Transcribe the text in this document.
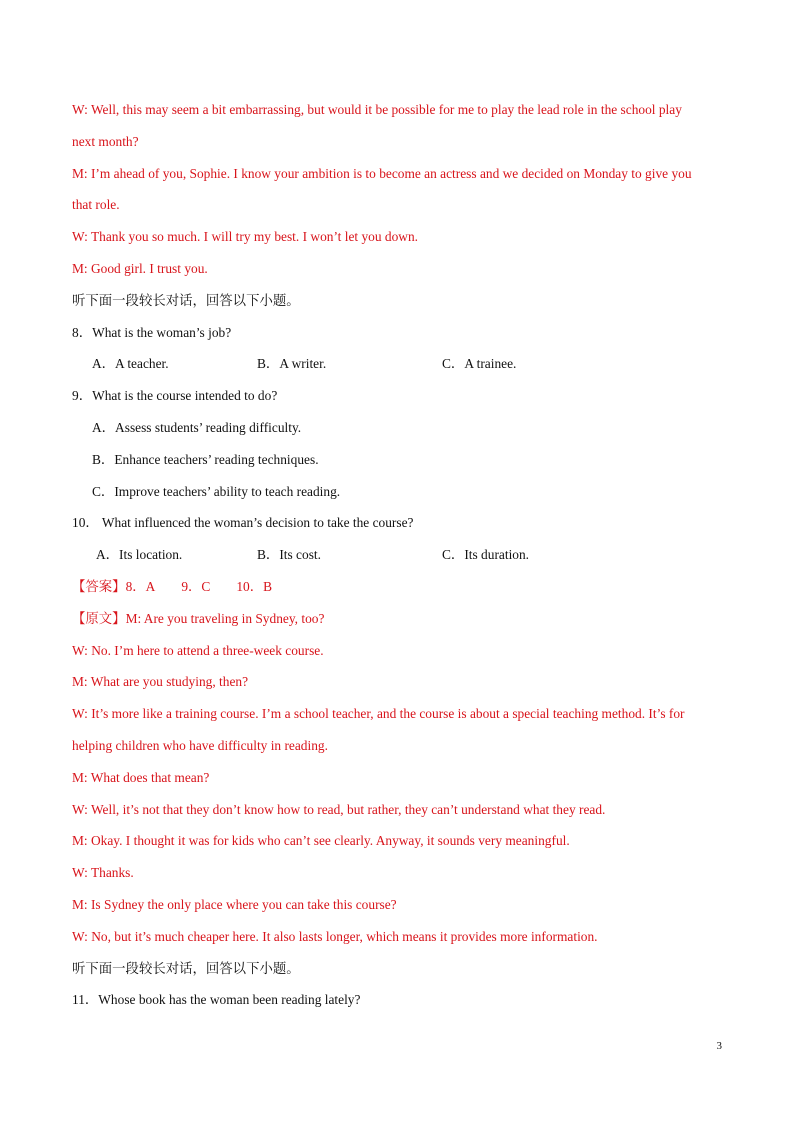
W: Well, this may seem a bit embarrassing, but would it be possible for me to play the lead role in the school play
next month?
M: I’m ahead of you, Sophie. I know your ambition is to become an actress and we decided on Monday to give you
that role.
W: Thank you so much. I will try my best. I won’t let you down.
M: Good girl. I trust you.
听下面一段较长对话，回答以下小题。
8．What is the woman’s job?
A．A teacher.	B．A writer.	C．A trainee.
9．What is the course intended to do?
A．Assess students’ reading difficulty.
B．Enhance teachers’ reading techniques.
C．Improve teachers’ ability to teach reading.
10． What influenced the woman’s decision to take the course?
A．Its location.	B．Its cost.	C．Its duration.
【答案】8．A 9．C 10．B
【原文】M: Are you traveling in Sydney, too?
W: No. I’m here to attend a three-week course.
M: What are you studying, then?
W: It’s more like a training course. I’m a school teacher, and the course is about a special teaching method. It’s for
helping children who have difficulty in reading.
M: What does that mean?
W: Well, it’s not that they don’t know how to read, but rather, they can’t understand what they read.
M: Okay. I thought it was for kids who can’t see clearly. Anyway, it sounds very meaningful.
W: Thanks.
M: Is Sydney the only place where you can take this course?
W: No, but it’s much cheaper here. It also lasts longer, which means it provides more information.
听下面一段较长对话，回答以下小题。
11．Whose book has the woman been reading lately?
3
